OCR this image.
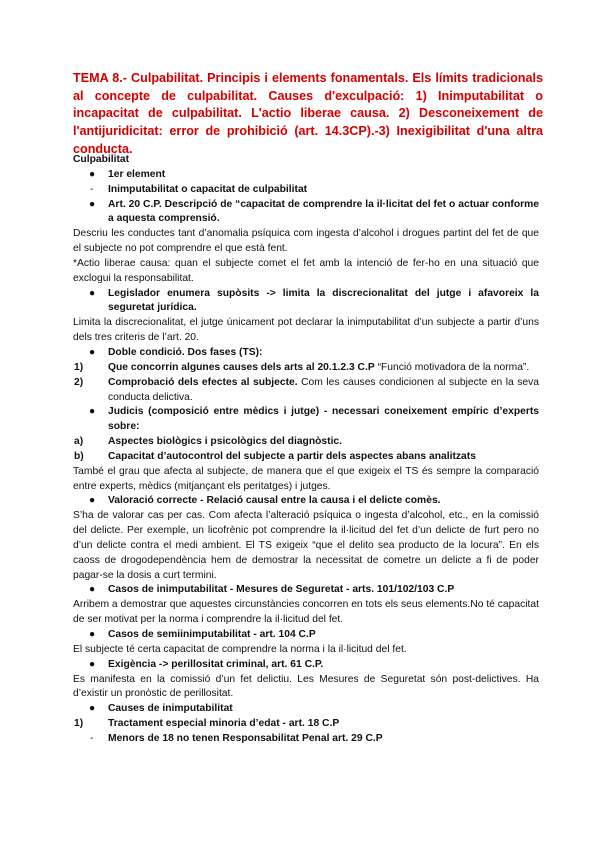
TEMA 8.- Culpabilitat. Principis i elements fonamentals. Els límits tradicionals al concepte de culpabilitat. Causes d'exculpació: 1) Inimputabilitat o incapacitat de culpabilitat. L'actio liberae causa. 2) Desconeixement de l'antijuridicitat: error de prohibició (art. 14.3CP).-3) Inexigibilitat d'una altra conducta.

Culpabilitat

● 1er element
- Inimputabilitat o capacitat de culpabilitat
● Art. 20 C.P. Descripció de “capacitat de comprendre la il·licitat del fet o actuar conforme a aquesta comprensió.

Descriu les conductes tant d’anomalia psíquica com ingesta d’alcohol i drogues partint del fet de que el subjecte no pot comprendre el que està fent.

*Actio liberae causa: quan el subjecte comet el fet amb la intenció de fer-ho en una situació que exclogui la responsabilitat.

● Legislador enumera supòsits -> limita la discrecionalitat del jutge i afavoreix la seguretat jurídica.

Limita la discrecionalitat, el jutge únicament pot declarar la inimputabilitat d’un subjecte a partir d’uns dels tres criteris de l’art. 20.

● Doble condició. Dos fases (TS):
1) Que concorrin algunes causes dels arts al 20.1.2.3 C.P “Funció motivadora de la norma”.
2) Comprobació dels efectes al subjecte. Com les causes condicionen al subjecte en la seva conducta delictiva.
● Judicis (composició entre mèdics i jutge) - necessari coneixement empíric d’experts sobre:
a) Aspectes biològics i psicològics del diagnòstic.
b) Capacitat d’autocontrol del subjecte a partir dels aspectes abans analitzats

També el grau que afecta al subjecte, de manera que el que exigeix el TS és sempre la comparació entre experts, mèdics (mitjançant els peritatges) i jutges.

● Valoració correcte - Relació causal entre la causa i el delicte comès.

S’ha de valorar cas per cas. Com afecta l’alteració psíquica o ingesta d’alcohol, etc., en la comissió del delicte. Per exemple, un licofrènic pot comprendre la il·licitud del fet d’un delicte de furt pero no d’un delicte contra el medi ambient. El TS exigeix “que el delito sea producto de la locura”. En els caoss de drogodependència hem de demostrar la necessitat de cometre un delicte a fi de poder pagar-se la dosis a curt termini.

● Casos de inimputabilitat - Mesures de Seguretat - arts. 101/102/103 C.P

Arribem a demostrar que aquestes circunstàncies concorren en tots els seus elements.No té capacitat de ser motivat per la norma i comprendre la il·licitud del fet.

● Casos de semiinimputabilitat - art. 104 C.P

El subjecte té certa capacitat de comprendre la norma i la il·licitud del fet.

● Exigència -> perillositat criminal, art. 61 C.P.

Es manifesta en la comissió d’un fet delictiu. Les Mesures de Seguretat són post-delictives. Ha d’existir un pronòstic de perillositat.

● Causes de inimputabilitat
1) Tractament especial minoria d’edat - art. 18 C.P
- Menors de 18 no tenen Responsabilitat Penal art. 29 C.P
